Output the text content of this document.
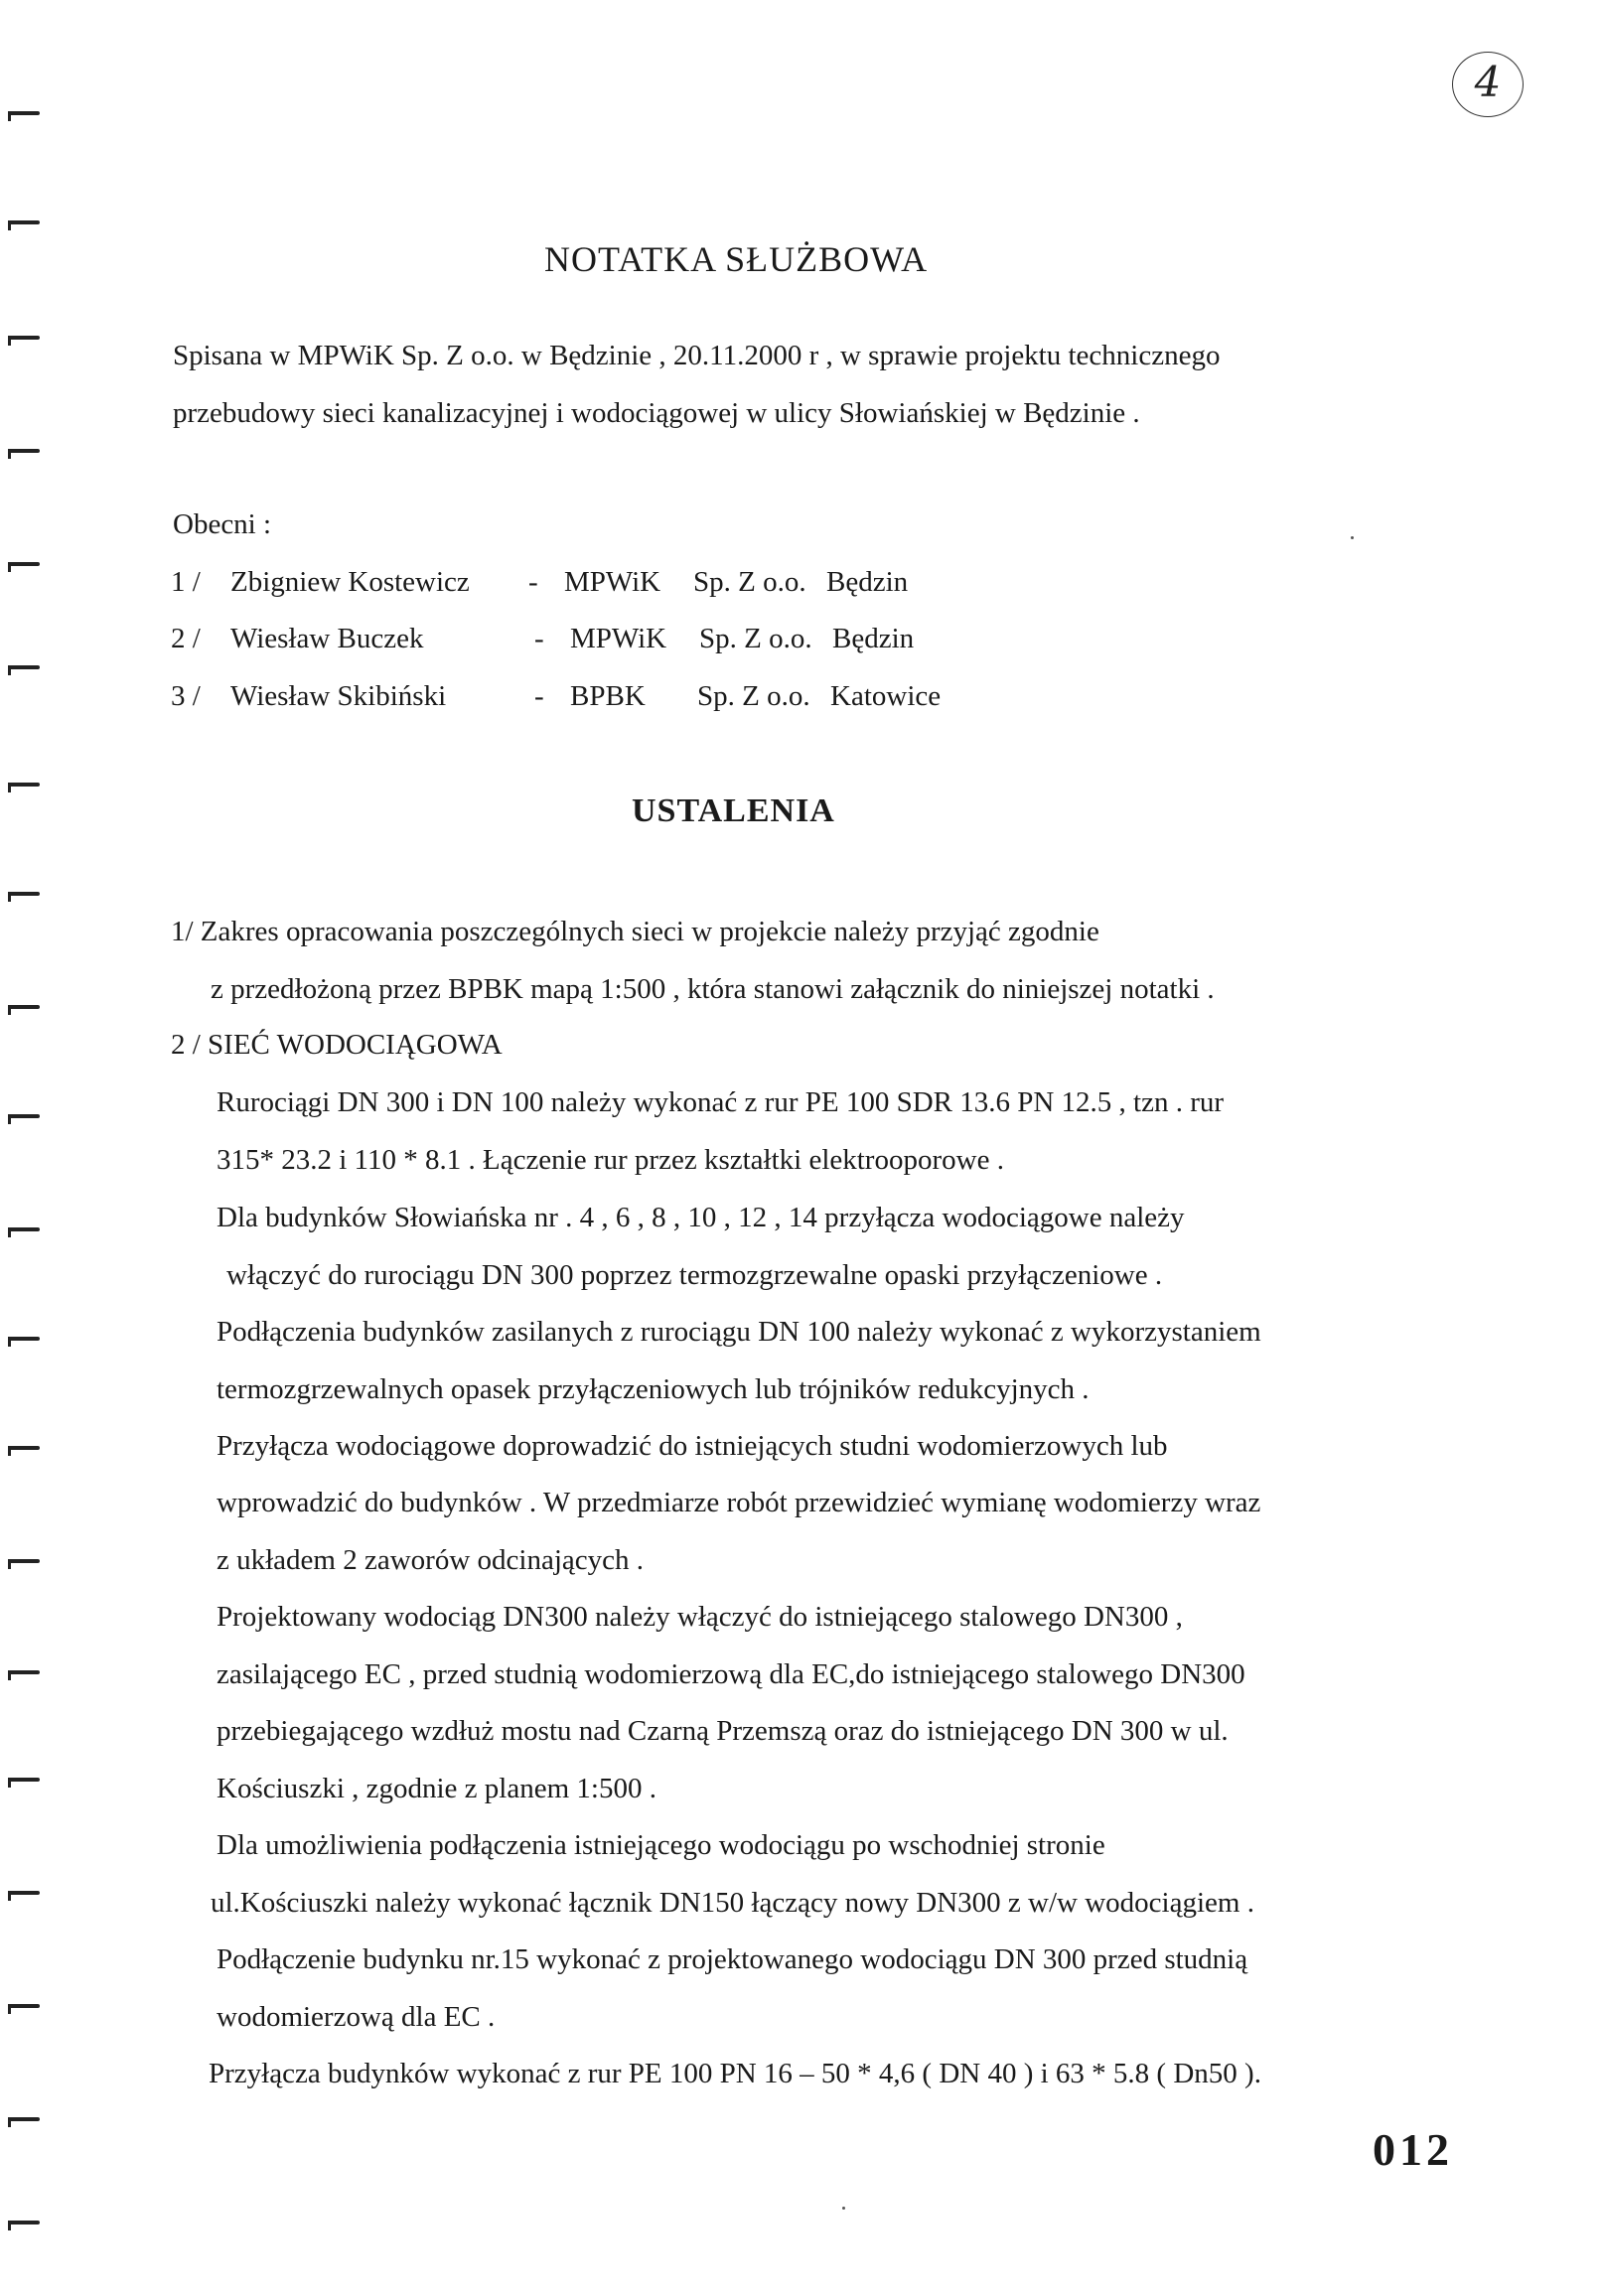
4
NOTATKA SŁUŻBOWA
Spisana w MPWiK Sp. Z o.o. w Będzinie , 20.11.2000 r , w sprawie projektu technicznego
przebudowy sieci kanalizacyjnej i wodociągowej w ulicy Słowiańskiej w Będzinie .
Obecni :
1 / Zbigniew Kostewicz - MPWiK Sp. Z o.o. Będzin
2 / Wiesław Buczek	- MPWiK Sp. Z o.o. Będzin
3 / Wiesław Skibiński	- BPBK Sp. Z o.o. Katowice
USTALENIA
1/ Zakres opracowania poszczególnych sieci w projekcie należy przyjąć zgodnie
z przedłożoną przez BPBK mapą 1:500 , która stanowi załącznik do niniejszej notatki .
2 / SIEĆ WODOCIĄGOWA
Rurociągi DN 300 i DN 100 należy wykonać z rur PE 100 SDR 13.6 PN 12.5 , tzn . rur
315* 23.2 i 110 * 8.1 . Łączenie rur przez kształtki elektrooporowe .
Dla budynków Słowiańska nr . 4 , 6 , 8 , 10 , 12 , 14 przyłącza wodociągowe należy
włączyć do rurociągu DN 300 poprzez termozgrzewalne opaski przyłączeniowe .
Podłączenia budynków zasilanych z rurociągu DN 100 należy wykonać z wykorzystaniem
termozgrzewalnych opasek przyłączeniowych lub trójników redukcyjnych .
Przyłącza wodociągowe doprowadzić do istniejących studni wodomierzowych lub
wprowadzić do budynków . W przedmiarze robót przewidzieć wymianę wodomierzy wraz
z układem 2 zaworów odcinających .
Projektowany wodociąg DN300 należy włączyć do istniejącego stalowego DN300 ,
zasilającego EC , przed studnią wodomierzową dla EC,do istniejącego stalowego DN300
przebiegającego wzdłuż mostu nad Czarną Przemszą oraz do istniejącego DN 300 w ul.
Kościuszki , zgodnie z planem 1:500 .
Dla umożliwienia podłączenia istniejącego wodociągu po wschodniej stronie
ul.Kościuszki należy wykonać łącznik DN150 łączący nowy DN300 z w/w wodociągiem .
Podłączenie budynku nr.15 wykonać z projektowanego wodociągu DN 300 przed studnią
wodomierzową dla EC .
Przyłącza budynków wykonać z rur PE 100 PN 16 – 50 * 4,6 ( DN 40 ) i 63 * 5.8 ( Dn50 ).
012
